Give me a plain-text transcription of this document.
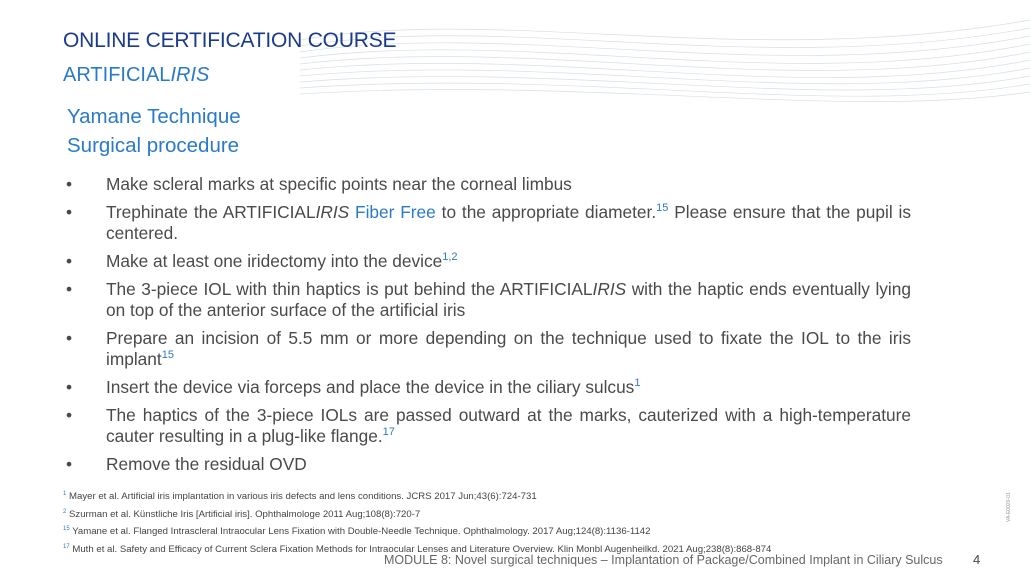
ONLINE CERTIFICATION COURSE
ARTIFICIALIRIS
Yamane Technique
Surgical procedure
• Make scleral marks at specific points near the corneal limbus
• Trephinate the ARTIFICIALIRIS Fiber Free to the appropriate diameter.$^{15}$ Please ensure that the pupil is centered.
• Make at least one iridectomy into the device$^{1,2}$
• The 3-piece IOL with thin haptics is put behind the ARTIFICIALIRIS with the haptic ends eventually lying on top of the anterior surface of the artificial iris
• Prepare an incision of 5.5 mm or more depending on the technique used to fixate the IOL to the iris implant$^{15}$
• Insert the device via forceps and place the device in the ciliary sulcus$^1$
• The haptics of the 3-piece IOLs are passed outward at the marks, cauterized with a high-temperature cauter resulting in a plug-like flange.$^{17}$
• Remove the residual OVD
$^1$ Mayer et al. Artificial iris implantation in various iris defects and lens conditions. JCRS 2017 Jun;43(6):724-731
$^2$ Szurman et al. Künstliche Iris [Artificial iris]. Ophthalmologe 2011 Aug;108(8):720-7
$^{15}$ Yamane et al. Flanged Intrascleral Intraocular Lens Fixation with Double-Needle Technique. Ophthalmology. 2017 Aug;124(8):1136-1142
$^{17}$ Muth et al. Safety and Efficacy of Current Sclera Fixation Methods for Intraocular Lenses and Literature Overview. Klin Monbl Augenheilkd. 2021 Aug;238(8):868-874
MODULE 8: Novel surgical techniques – Implantation of Package/Combined Implant in Ciliary Sulcus 4
VA-E0020-01
